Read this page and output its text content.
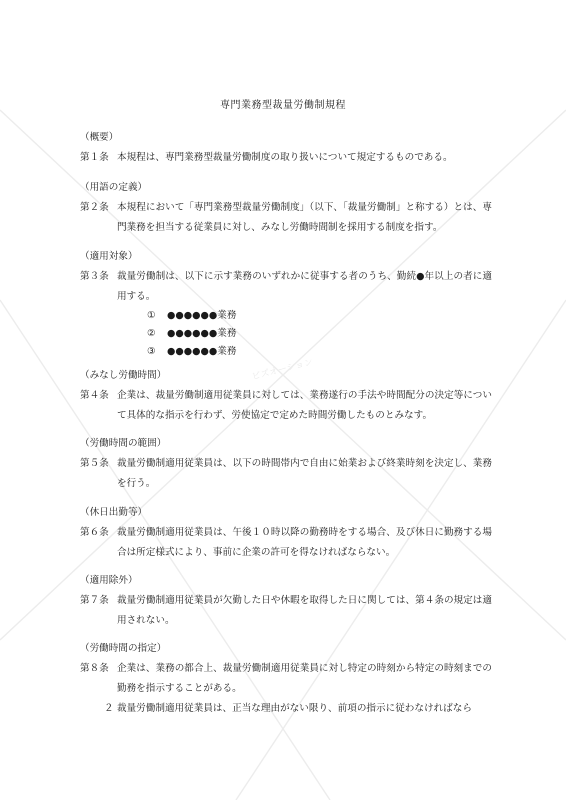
ビズオーション
専門業務型裁量労働制規程
（概要）
第１条 本規程は、専門業務型裁量労働制度の取り扱いについて規定するものである。
（用語の定義）
第２条 本規程において「専門業務型裁量労働制度」（以下、「裁量労働制」と称する）とは、専門業務を担当する従業員に対し、みなし労働時間制を採用する制度を指す。
（適用対象）
第３条 裁量労働制は、以下に示す業務のいずれかに従事する者のうち、勤続●年以上の者に適用する。
① ●●●●●●業務
② ●●●●●●業務
③ ●●●●●●業務
（みなし労働時間）
第４条 企業は、裁量労働制適用従業員に対しては、業務遂行の手法や時間配分の決定等について具体的な指示を行わず、労使協定で定めた時間労働したものとみなす。
（労働時間の範囲）
第５条 裁量労働制適用従業員は、以下の時間帯内で自由に始業および終業時刻を決定し、業務を行う。
（休日出勤等）
第６条 裁量労働制適用従業員は、午後１０時以降の勤務時をする場合、及び休日に勤務する場合は所定様式により、事前に企業の許可を得なければならない。
（適用除外）
第７条 裁量労働制適用従業員が欠勤した日や休暇を取得した日に関しては、第４条の規定は適用されない。
（労働時間の指定）
第８条 企業は、業務の都合上、裁量労働制適用従業員に対し特定の時刻から特定の時刻までの勤務を指示することがある。
２ 裁量労働制適用従業員は、正当な理由がない限り、前項の指示に従わなければなら
